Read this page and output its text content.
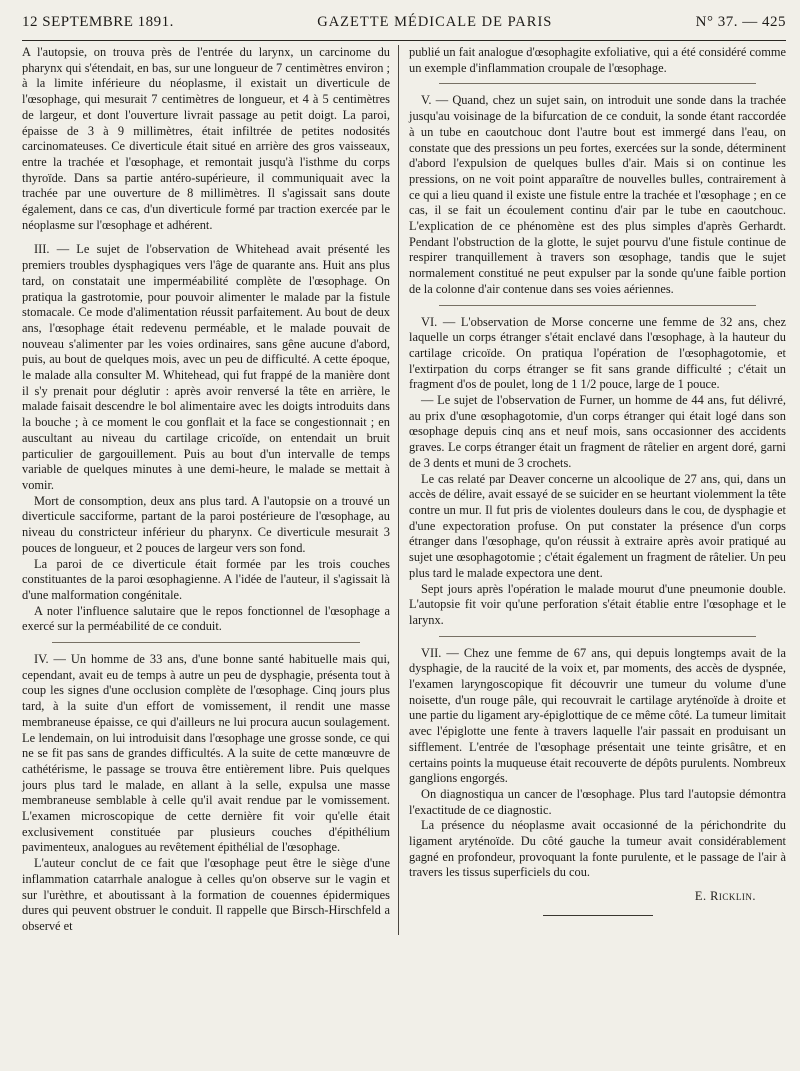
12 SEPTEMBRE 1891.	GAZETTE MÉDICALE DE PARIS	N° 37. — 425

A l'autopsie, on trouva près de l'entrée du larynx, un carcinome du pharynx qui s'étendait, en bas, sur une longueur de 7 centimètres environ ; à la limite inférieure du néoplasme, il existait un diverticule de l'œsophage, qui mesurait 7 centimètres de longueur, et 4 à 5 centimètres de largeur, et dont l'ouverture livrait passage au petit doigt. La paroi, épaisse de 3 à 9 millimètres, était infiltrée de petites nodosités carcinomateuses. Ce diverticule était situé en arrière des gros vaisseaux, entre la trachée et l'œsophage, et remontait jusqu'à l'isthme du corps thyroïde. Dans sa partie antéro-supérieure, il communiquait avec la trachée par une ouverture de 8 millimètres. Il s'agissait sans doute également, dans ce cas, d'un diverticule formé par traction exercée par le néoplasme sur l'œsophage et adhérent.

III. — Le sujet de l'observation de Whitehead avait présenté les premiers troubles dysphagiques vers l'âge de quarante ans. Huit ans plus tard, on constatait une imperméabilité complète de l'œsophage. On pratiqua la gastrotomie, pour pouvoir alimenter le malade par la fistule stomacale. Ce mode d'alimentation réussit parfaitement. Au bout de deux ans, l'œsophage était redevenu perméable, et le malade pouvait de nouveau s'alimenter par les voies ordinaires, sans gêne aucune d'abord, puis, au bout de quelques mois, avec un peu de difficulté. A cette époque, le malade alla consulter M. Whitehead, qui fut frappé de la manière dont il s'y prenait pour déglutir : après avoir renversé la tête en arrière, le malade faisait descendre le bol alimentaire avec les doigts introduits dans la bouche ; à ce moment le cou gonflait et la face se congestionnait ; en auscultant au niveau du cartilage cricoïde, on entendait un bruit particulier de gargouillement. Puis au bout d'un intervalle de temps variable de quelques minutes à une demi-heure, le malade se mettait à vomir.

Mort de consomption, deux ans plus tard. A l'autopsie on a trouvé un diverticule sacciforme, partant de la paroi postérieure de l'œsophage, au niveau du constricteur inférieur du pharynx. Ce diverticule mesurait 3 pouces de longueur, et 2 pouces de largeur vers son fond.

La paroi de ce diverticule était formée par les trois couches constituantes de la paroi œsophagienne. A l'idée de l'auteur, il s'agissait là d'une malformation congénitale.

A noter l'influence salutaire que le repos fonctionnel de l'œsophage a exercé sur la perméabilité de ce conduit.

IV. — Un homme de 33 ans, d'une bonne santé habituelle mais qui, cependant, avait eu de temps à autre un peu de dysphagie, présenta tout à coup les signes d'une occlusion complète de l'œsophage. Cinq jours plus tard, à la suite d'un effort de vomissement, il rendit une masse membraneuse épaisse, ce qui d'ailleurs ne lui procura aucun soulagement. Le lendemain, on lui introduisit dans l'œsophage une grosse sonde, ce qui ne se fit pas sans de grandes difficultés. A la suite de cette manœuvre de cathétérisme, le passage se trouva être entièrement libre. Puis quelques jours plus tard le malade, en allant à la selle, expulsa une masse membraneuse semblable à celle qu'il avait rendue par le vomissement. L'examen microscopique de cette dernière fit voir qu'elle était exclusivement constituée par plusieurs couches d'épithélium pavimenteux, analogues au revêtement épithélial de l'œsophage.

L'auteur conclut de ce fait que l'œsophage peut être le siège d'une inflammation catarrhale analogue à celles qu'on observe sur le vagin et sur l'urèthre, et aboutissant à la formation de couennes épidermiques dures qui peuvent obstruer le conduit. Il rappelle que Birsch-Hirschfeld a observé et

publié un fait analogue d'œsophagite exfoliative, qui a été considéré comme un exemple d'inflammation croupale de l'œsophage.

V. — Quand, chez un sujet sain, on introduit une sonde dans la trachée jusqu'au voisinage de la bifurcation de ce conduit, la sonde étant raccordée à un tube en caoutchouc dont l'autre bout est immergé dans l'eau, on constate que des pressions un peu fortes, exercées sur la sonde, déterminent d'abord l'expulsion de quelques bulles d'air. Mais si on continue les pressions, on ne voit point apparaître de nouvelles bulles, contrairement à ce qui a lieu quand il existe une fistule entre la trachée et l'œsophage ; en ce cas, il se fait un écoulement continu d'air par le tube en caoutchouc. L'explication de ce phénomène est des plus simples d'après Gerhardt. Pendant l'obstruction de la glotte, le sujet pourvu d'une fistule continue de respirer tranquillement à travers son œsophage, tandis que le sujet normalement constitué ne peut expulser par la sonde qu'une faible portion de la colonne d'air contenue dans ses voies aériennes.

VI. — L'observation de Morse concerne une femme de 32 ans, chez laquelle un corps étranger s'était enclavé dans l'œsophage, à la hauteur du cartilage cricoïde. On pratiqua l'opération de l'œsophagotomie, et l'extirpation du corps étranger se fit sans grande difficulté ; c'était un fragment d'os de poulet, long de 1 1/2 pouce, large de 1 pouce.

— Le sujet de l'observation de Furner, un homme de 44 ans, fut délivré, au prix d'une œsophagotomie, d'un corps étranger qui était logé dans son œsophage depuis cinq ans et neuf mois, sans occasionner des accidents graves. Le corps étranger était un fragment de râtelier en argent doré, garni de 3 dents et muni de 3 crochets.

Le cas relaté par Deaver concerne un alcoolique de 27 ans, qui, dans un accès de délire, avait essayé de se suicider en se heurtant violemment la tête contre un mur. Il fut pris de violentes douleurs dans le cou, de dysphagie et d'une expectoration profuse. On put constater la présence d'un corps étranger dans l'œsophage, qu'on réussit à extraire après avoir pratiqué au sujet une œsophagotomie ; c'était également un fragment de râtelier. Un peu plus tard le malade expectora une dent.

Sept jours après l'opération le malade mourut d'une pneumonie double. L'autopsie fit voir qu'une perforation s'était établie entre l'œsophage et le larynx.

VII. — Chez une femme de 67 ans, qui depuis longtemps avait de la dysphagie, de la raucité de la voix et, par moments, des accès de dyspnée, l'examen laryngoscopique fit découvrir une tumeur du volume d'une noisette, d'un rouge pâle, qui recouvrait le cartilage aryténoïde à droite et une partie du ligament ary-épiglottique de ce même côté. La tumeur limitait avec l'épiglotte une fente à travers laquelle l'air passait en produisant un sifflement. L'entrée de l'œsophage présentait une teinte grisâtre, et en certains points la muqueuse était recouverte de dépôts purulents. Nombreux ganglions engorgés.

On diagnostiqua un cancer de l'œsophage. Plus tard l'autopsie démontra l'exactitude de ce diagnostic.

La présence du néoplasme avait occasionné de la périchondrite du ligament aryténoïde. Du côté gauche la tumeur avait considérablement gagné en profondeur, provoquant la fonte purulente, et le passage de l'air à travers les tissus superficiels du cou.

E. Ricklin.
